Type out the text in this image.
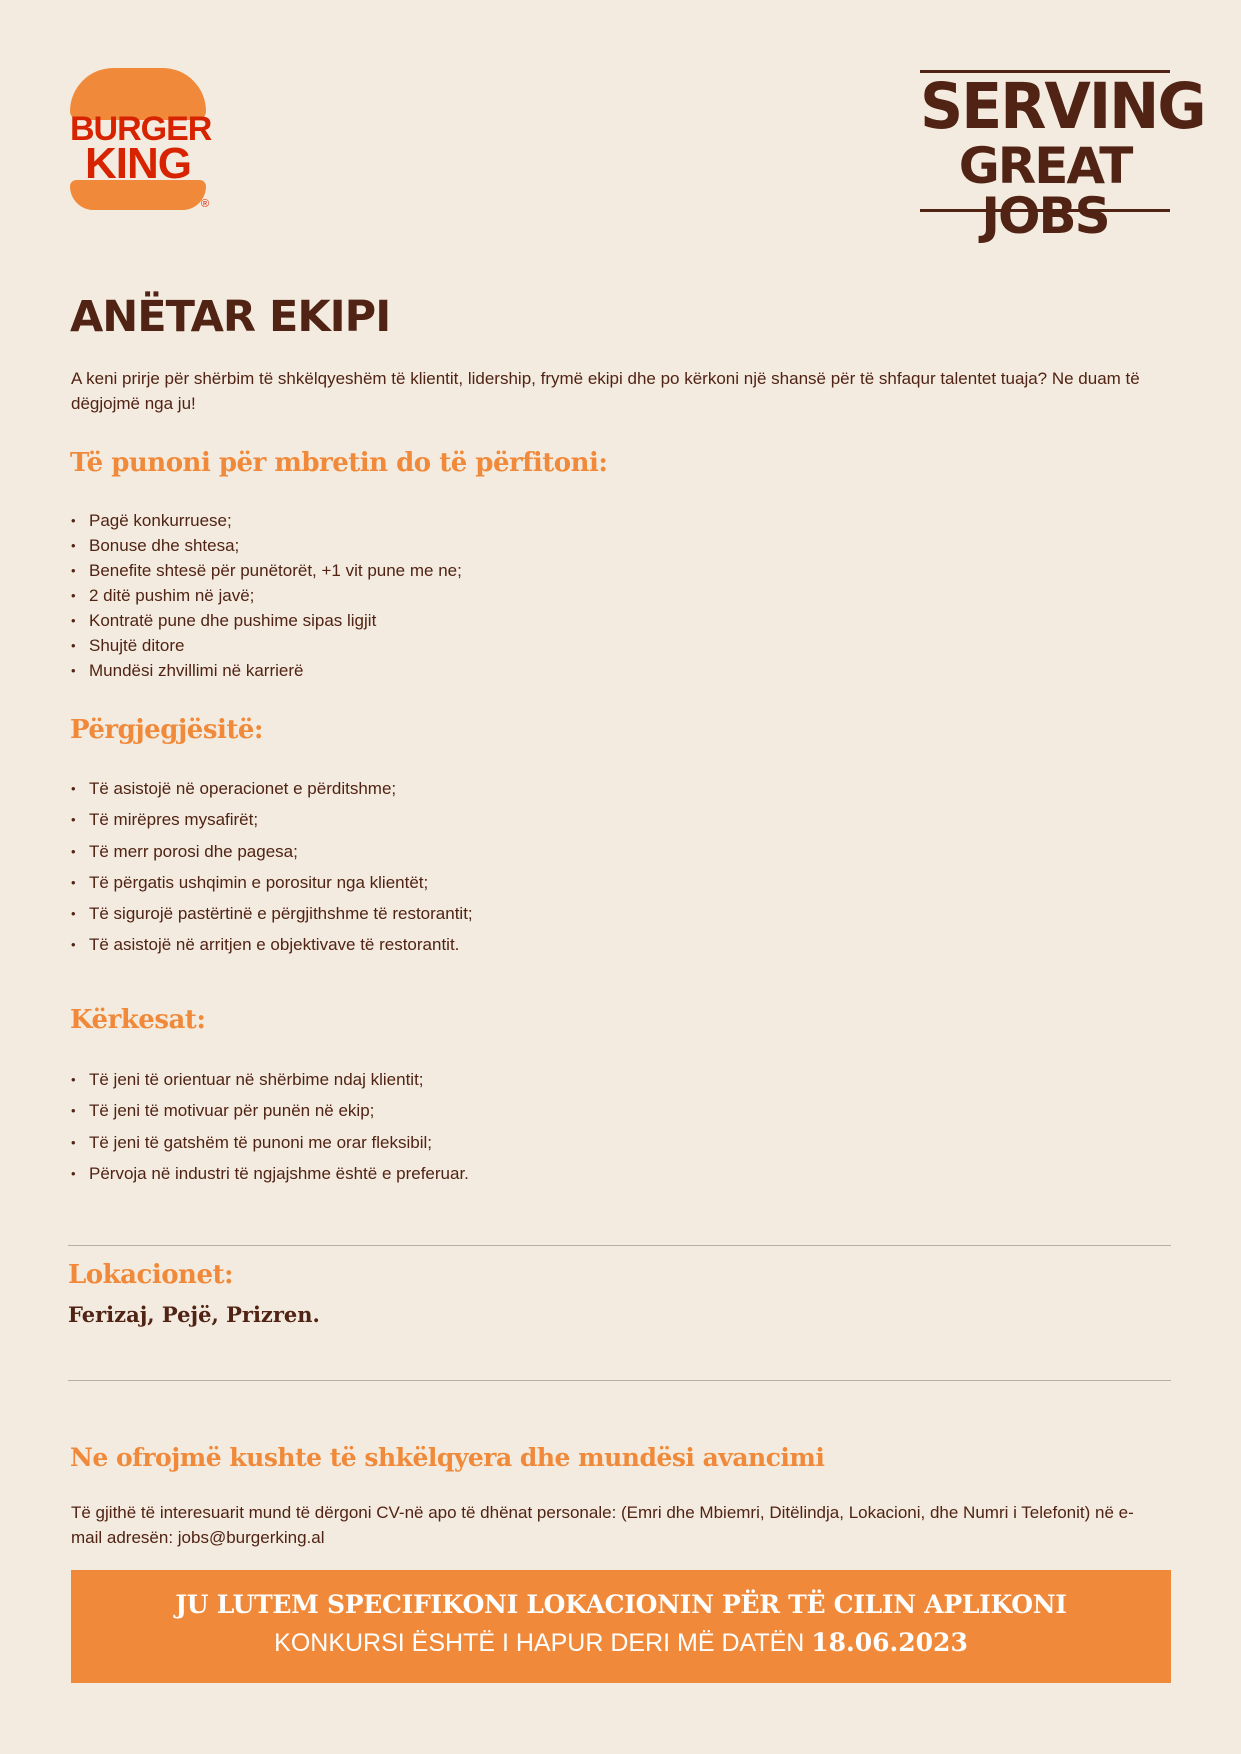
BURGER
KING
®
SERVING
GREAT JOBS
ANËTAR EKIPI
A keni prirje për shërbim të shkëlqyeshëm të klientit, lidership, frymë ekipi dhe po kërkoni një shansë për të shfaqur talentet tuaja? Ne duam të dëgjojmë nga ju!
Të punoni për mbretin do të përfitoni:
• Pagë konkurruese;
• Bonuse dhe shtesa;
• Benefite shtesë për punëtorët, +1 vit pune me ne;
• 2 ditë pushim në javë;
• Kontratë pune dhe pushime sipas ligjit
• Shujtë ditore
• Mundësi zhvillimi në karrierë
Përgjegjësitë:
• Të asistojë në operacionet e përditshme;
• Të mirëpres mysafirët;
• Të merr porosi dhe pagesa;
• Të përgatis ushqimin e porositur nga klientët;
• Të sigurojë pastërtinë e përgjithshme të restorantit;
• Të asistojë në arritjen e objektivave të restorantit.
Kërkesat:
• Të jeni të orientuar në shërbime ndaj klientit;
• Të jeni të motivuar për punën në ekip;
• Të jeni të gatshëm të punoni me orar fleksibil;
• Përvoja në industri të ngjajshme është e preferuar.
Lokacionet:
Ferizaj, Pejë, Prizren.
Ne ofrojmë kushte të shkëlqyera dhe mundësi avancimi
Të gjithë të interesuarit mund të dërgoni CV-në apo të dhënat personale: (Emri dhe Mbiemri, Ditëlindja, Lokacioni, dhe Numri i Telefonit) në e-mail adresën: jobs@burgerking.al
JU LUTEM SPECIFIKONI LOKACIONIN PËR TË CILIN APLIKONI
KONKURSI ËSHTË I HAPUR DERI MË DATËN 18.06.2023
